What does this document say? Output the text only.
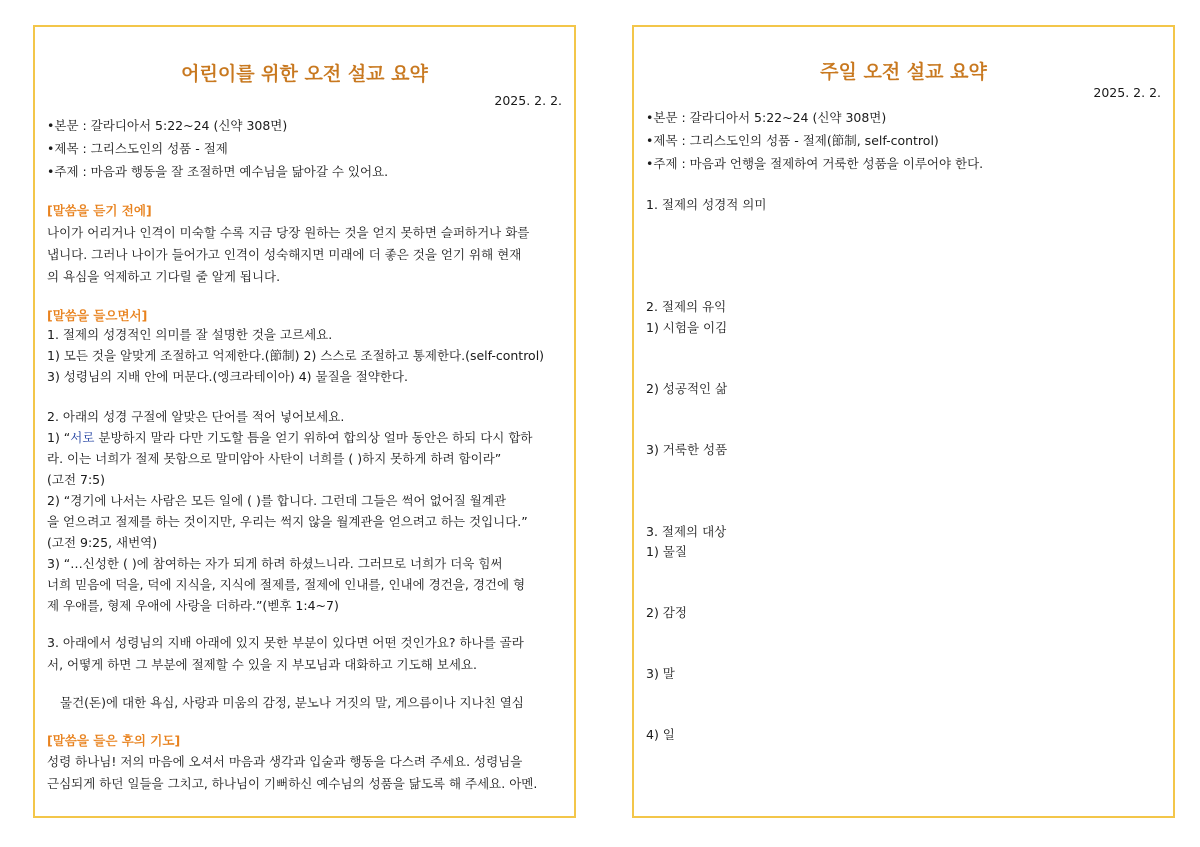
어린이를 위한 오전 설교 요약
2025. 2. 2.
•본문 : 갈라디아서 5:22~24 (신약 308면)
•제목 : 그리스도인의 성품 - 절제
•주제 : 마음과 행동을 잘 조절하면 예수님을 닮아갈 수 있어요.
[말씀을 듣기 전에]
나이가 어리거나 인격이 미숙할 수록 지금 당장 원하는 것을 얻지 못하면 슬퍼하거나 화를
냅니다. 그러나 나이가 들어가고 인격이 성숙해지면 미래에 더 좋은 것을 얻기 위해 현재
의 욕심을 억제하고 기다릴 줄 알게 됩니다.
[말씀을 들으면서]
1. 절제의 성경적인 의미를 잘 설명한 것을 고르세요.
1) 모든 것을 알맞게 조절하고 억제한다.(節制) 2) 스스로 조절하고 통제한다.(self-control)
3) 성령님의 지배 안에 머문다.(엥크라테이아) 4) 물질을 절약한다.
2. 아래의 성경 구절에 알맞은 단어를 적어 넣어보세요.
1) “서로 분방하지 말라 다만 기도할 틈을 얻기 위하여 합의상 얼마 동안은 하되 다시 합하
라. 이는 너희가 절제 못함으로 말미암아 사탄이 너희를 ( )하지 못하게 하려 함이라”
(고전 7:5)
2) “경기에 나서는 사람은 모든 일에 ( )를 합니다. 그런데 그들은 썩어 없어질 월계관
을 얻으려고 절제를 하는 것이지만, 우리는 썩지 않을 월계관을 얻으려고 하는 것입니다.”
(고전 9:25, 새번역)
3) “…신성한 ( )에 참여하는 자가 되게 하려 하셨느니라. 그러므로 너희가 더욱 힘써
너희 믿음에 덕을, 덕에 지식을, 지식에 절제를, 절제에 인내를, 인내에 경건을, 경건에 형
제 우애를, 형제 우애에 사랑을 더하라.”(벧후 1:4~7)
3. 아래에서 성령님의 지배 아래에 있지 못한 부분이 있다면 어떤 것인가요? 하나를 골라
서, 어떻게 하면 그 부분에 절제할 수 있을 지 부모님과 대화하고 기도해 보세요.
물건(돈)에 대한 욕심, 사랑과 미움의 감정, 분노나 거짓의 말, 게으름이나 지나친 열심
[말씀을 들은 후의 기도]
성령 하나님! 저의 마음에 오셔서 마음과 생각과 입술과 행동을 다스려 주세요. 성령님을
근심되게 하던 일들을 그치고, 하나님이 기뻐하신 예수님의 성품을 닮도록 해 주세요. 아멘.
주일 오전 설교 요약
2025. 2. 2.
•본문 : 갈라디아서 5:22~24 (신약 308면)
•제목 : 그리스도인의 성품 - 절제(節制, self-control)
•주제 : 마음과 언행을 절제하여 거룩한 성품을 이루어야 한다.
1. 절제의 성경적 의미
2. 절제의 유익
1) 시험을 이김
2) 성공적인 삶
3) 거룩한 성품
3. 절제의 대상
1) 물질
2) 감정
3) 말
4) 일
